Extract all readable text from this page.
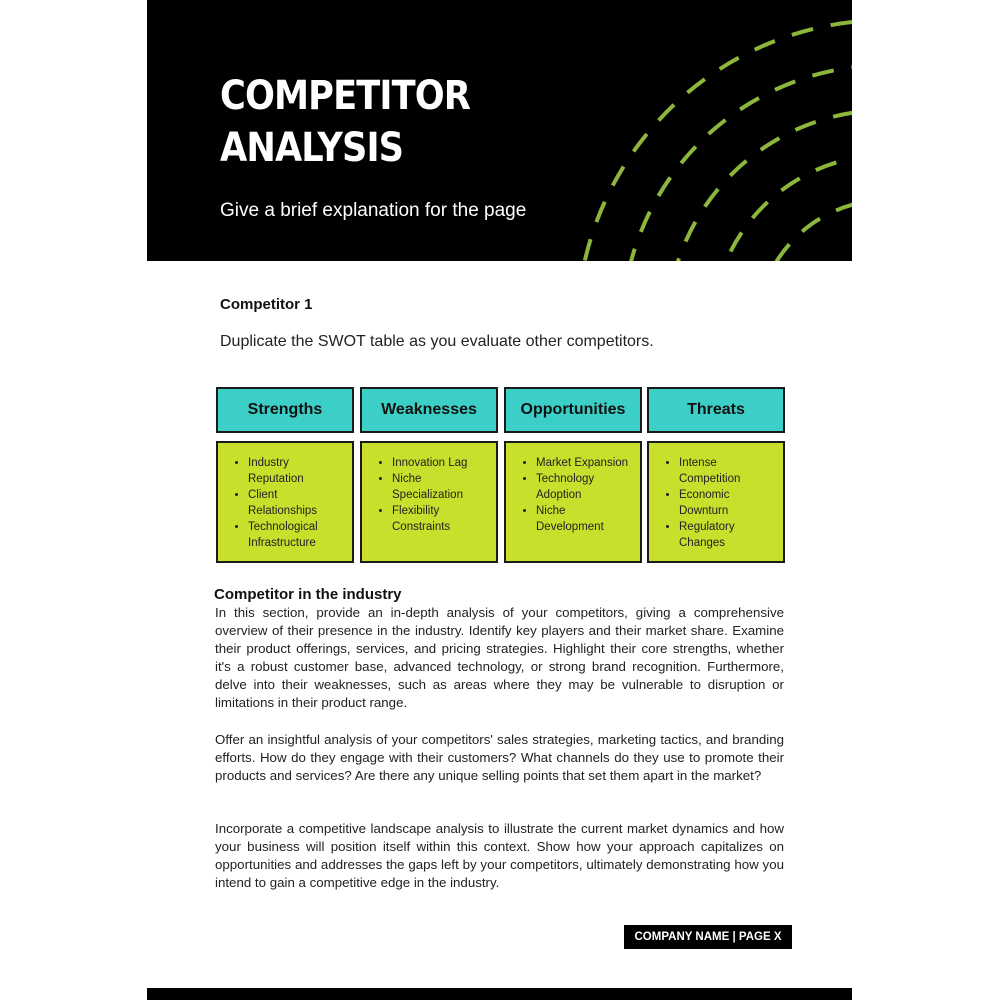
COMPETITOR
ANALYSIS

Give a brief explanation for the page

Competitor 1
Duplicate the SWOT table as you evaluate other competitors.
Strengths
• Industry Reputation
• Client Relationships
• Technological Infrastructure
Weaknesses
• Innovation Lag
• Niche Specialization
• Flexibility Constraints
Opportunities
• Market Expansion
• Technology Adoption
• Niche Development
Threats
• Intense Competition
• Economic Downturn
• Regulatory Changes
Competitor in the industry

In this section, provide an in-depth analysis of your competitors, giving a comprehensive overview of their presence in the industry. Identify key players and their market share. Examine their product offerings, services, and pricing strategies. Highlight their core strengths, whether it's a robust customer base, advanced technology, or strong brand recognition. Furthermore, delve into their weaknesses, such as areas where they may be vulnerable to disruption or limitations in their product range.

Offer an insightful analysis of your competitors' sales strategies, marketing tactics, and branding efforts. How do they engage with their customers? What channels do they use to promote their products and services? Are there any unique selling points that set them apart in the market?

Incorporate a competitive landscape analysis to illustrate the current market dynamics and how your business will position itself within this context. Show how your approach capitalizes on opportunities and addresses the gaps left by your competitors, ultimately demonstrating how you intend to gain a competitive edge in the industry.

COMPANY NAME | PAGE X
